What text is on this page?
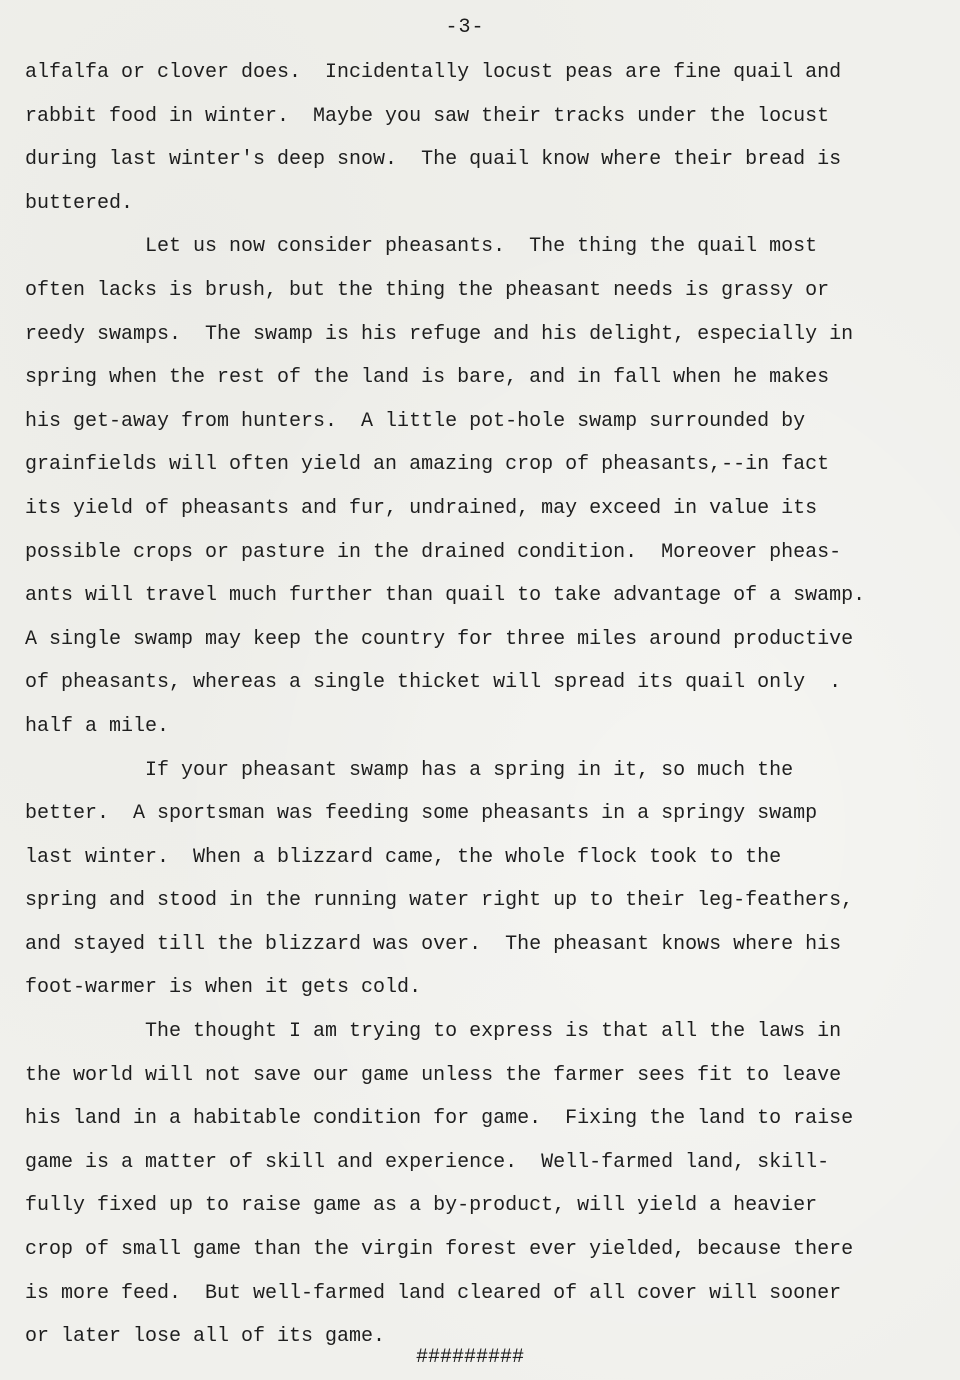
-3-
alfalfa or clover does.  Incidentally locust peas are fine quail and
rabbit food in winter.  Maybe you saw their tracks under the locust
during last winter's deep snow.  The quail know where their bread is
buttered.
Let us now consider pheasants.  The thing the quail most
often lacks is brush, but the thing the pheasant needs is grassy or
reedy swamps.  The swamp is his refuge and his delight, especially in
spring when the rest of the land is bare, and in fall when he makes
his get-away from hunters.  A little pot-hole swamp surrounded by
grainfields will often yield an amazing crop of pheasants,--in fact
its yield of pheasants and fur, undrained, may exceed in value its
possible crops or pasture in the drained condition.  Moreover pheas-
ants will travel much further than quail to take advantage of a swamp.
A single swamp may keep the country for three miles around productive
of pheasants, whereas a single thicket will spread its quail only  .
half a mile.
If your pheasant swamp has a spring in it, so much the
better.  A sportsman was feeding some pheasants in a springy swamp
last winter.  When a blizzard came, the whole flock took to the
spring and stood in the running water right up to their leg-feathers,
and stayed till the blizzard was over.  The pheasant knows where his
foot-warmer is when it gets cold.
The thought I am trying to express is that all the laws in
the world will not save our game unless the farmer sees fit to leave
his land in a habitable condition for game.  Fixing the land to raise
game is a matter of skill and experience.  Well-farmed land, skill-
fully fixed up to raise game as a by-product, will yield a heavier
crop of small game than the virgin forest ever yielded, because there
is more feed.  But well-farmed land cleared of all cover will sooner
or later lose all of its game.
#########
